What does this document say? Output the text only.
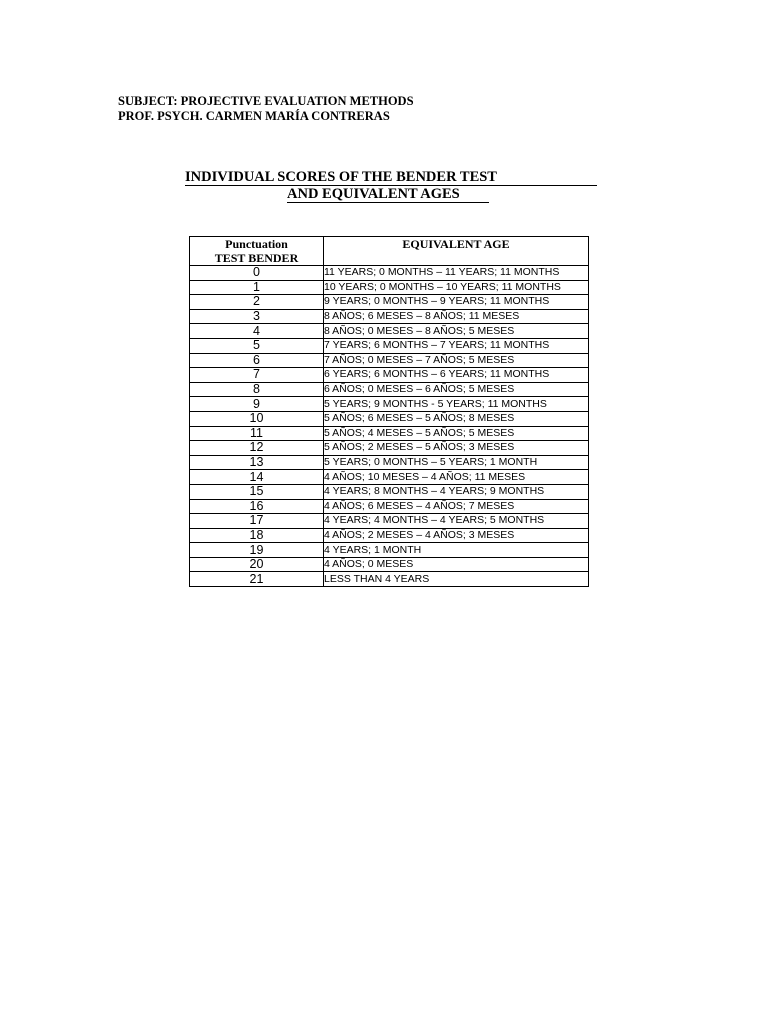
SUBJECT: PROJECTIVE EVALUATION METHODS
PROF. PSYCH. CARMEN MARÍA CONTRERAS
INDIVIDUAL SCORES OF THE BENDER TEST
AND EQUIVALENT AGES
Punctuation
TEST BENDER	EQUIVALENT AGE
0	11 YEARS; 0 MONTHS – 11 YEARS; 11 MONTHS
1	10 YEARS; 0 MONTHS – 10 YEARS; 11 MONTHS
2	9 YEARS; 0 MONTHS – 9 YEARS; 11 MONTHS
3	8 AÑOS; 6 MESES – 8 AÑOS; 11 MESES
4	8 AÑOS; 0 MESES – 8 AÑOS; 5 MESES
5	7 YEARS; 6 MONTHS – 7 YEARS; 11 MONTHS
6	7 AÑOS; 0 MESES – 7 AÑOS; 5 MESES
7	6 YEARS; 6 MONTHS – 6 YEARS; 11 MONTHS
8	6 AÑOS; 0 MESES – 6 AÑOS; 5 MESES
9	5 YEARS; 9 MONTHS - 5 YEARS; 11 MONTHS
10	5 AÑOS; 6 MESES – 5 AÑOS; 8 MESES
11	5 AÑOS; 4 MESES – 5 AÑOS; 5 MESES
12	5 AÑOS; 2 MESES – 5 AÑOS; 3 MESES
13	5 YEARS; 0 MONTHS – 5 YEARS; 1 MONTH
14	4 AÑOS; 10 MESES – 4 AÑOS; 11 MESES
15	4 YEARS; 8 MONTHS – 4 YEARS; 9 MONTHS
16	4 AÑOS; 6 MESES – 4 AÑOS; 7 MESES
17	4 YEARS; 4 MONTHS – 4 YEARS; 5 MONTHS
18	4 AÑOS; 2 MESES – 4 AÑOS; 3 MESES
19	4 YEARS; 1 MONTH
20	4 AÑOS; 0 MESES
21	LESS THAN 4 YEARS
